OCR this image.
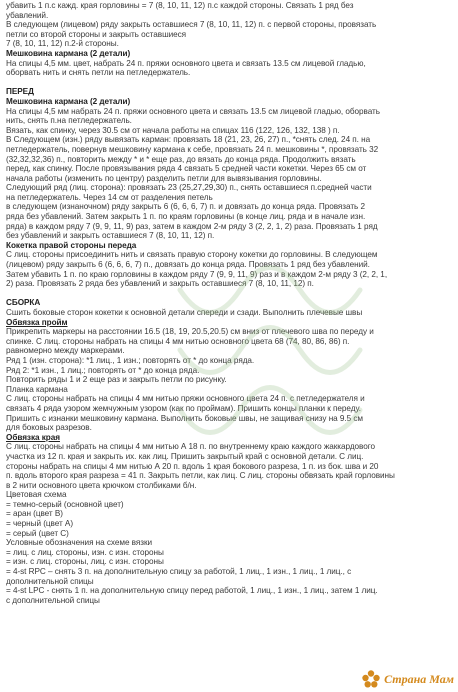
убавить 1 п.с кажд. края горловины = 7 (8, 10, 11, 12) п.с каждой стороны. Связать 1 ряд без
убавлений.
В следующем (лицевом) ряду закрыть оставшиеся 7 (8, 10, 11, 12) п. с первой стороны, провязать
петли со второй стороны и закрыть оставшиеся
7 (8, 10, 11, 12) п.2-й стороны.
Мешковина кармана (2 детали)
На спицы 4,5 мм. цвет, набрать 24 п. пряжи основного цвета и связать 13.5 см лицевой гладью,
оборвать нить и снять петли на петледержатель.
ПЕРЕД
Мешковина кармана (2 детали)
На спицы 4,5 мм набрать 24 п. пряжи основного цвета и связать 13.5 см лицевой гладью, оборвать
нить, снять п.на петледержатель.
Вязать, как спинку, через 30.5 см от начала работы на спицах 116 (122, 126, 132, 138 ) п.
В Следующем (изн.) ряду вывязать карман: провязать 18 (21, 23, 26, 27) п., *снять след. 24 п. на
петледержатель, повернув мешковину кармана к себе, провязать 24 п. мешковины *, провязать 32
(32,32,32,36) п., повторить между * и * еще раз, до вязать до конца ряда. Продолжить вязать
перед, как спинку. После провязывания ряда 4 связать 5 средней части кокетки. Через 65 см от
начала работы (изменить по центру) разделить петли для вывязывания горловины.
Следующий ряд (лиц. сторона): провязать 23 (25,27,29,30) п., снять оставшиеся п.средней части
на петледержатель. Через 14 см от разделения петель
в следующем (изнаночном) ряду закрыть 6 (6, 6, 6, 7) п. и довязать до конца ряда. Провязать 2
ряда без убавлений. Затем закрыть 1 п. по краям горловины (в конце лиц. ряда и в начале изн.
ряда) в каждом ряду 7 (9, 9, 11, 9) раз, затем в каждом 2-м ряду 3 (2, 2, 1, 2) раза. Провязать 1 ряд
без убавлений и закрыть оставшиеся 7 (8, 10, 11, 12) п.
Кокетка правой стороны переда
С лиц. стороны присоединить нить и связать правую сторону кокетки до горловины. В следующем
(лицевом) ряду закрыть 6 (6, 6, 6, 7) п., довязать до конца ряда. Провязать 1 ряд без убавлений.
Затем убавить 1 п. по краю горловины в каждом ряду 7 (9, 9, 11, 9) раз и в каждом 2-м ряду 3 (2, 2, 1,
2) раза. Провязать 2 ряда без убавлений и закрыть оставшиеся 7 (8, 10, 11, 12) п.
СБОРКА
Сшить боковые сторон кокетки к основной детали спереди и сзади. Выполнить плечевые швы
Обвязка пройм
Прикрепить маркеры на расстоянии 16.5 (18, 19, 20.5,20.5) см вниз от плечевого шва по переду и
спинке. С лиц. стороны набрать на спицы 4 мм нитью основного цвета 68 (74, 80, 86, 86) п.
равномерно между маркерами.
Ряд 1 (изн. сторона): *1 лиц., 1 изн.; повторять от * до конца ряда.
Ряд 2: *1 изн., 1 лиц.; повторять от * до конца ряда.
Повторить ряды 1 и 2 еще раз и закрыть петли по рисунку.
Планка кармана
С лиц. стороны набрать на спицы 4 мм нитью пряжи основного цвета 24 п. с петледержателя и
связать 4 ряда узором жемчужным узором (как по проймам). Пришить концы планки к переду.
Пришить с изнанки мешковину кармана. Выполнить боковые швы, не защивая снизу на 9.5 см
для боковых разрезов.
Обвязка края
С лиц. стороны набрать на спицы 4 мм нитью А 18 п. по внутреннему краю каждого жаккардового
участка из 12 п. края и закрыть их. как лиц. Пришить закрытый край с основной детали. С лиц.
стороны набрать на спицы 4 мм нитью А 20 п. вдоль 1 края бокового разреза, 1 п. из бок. шва и 20
п. вдоль второго края разреза = 41 п. Закрыть петли, как лиц. С лиц. стороны обвязать край горловины
в 2 нити основного цвета крючком столбиками б/н.
Цветовая схема
= темно-серый (основной цвет)
= аран (цвет В)
= черный (цвет А)
= серый (цвет С)
Условные обозначения на схеме вязки
= лиц. с лиц. стороны, изн. с изн. стороны
= изн. с лиц. стороны, лиц. с изн. стороны
= 4-st RPC – снять 3 п. на дополнительную спицу за работой, 1 лиц., 1 изн., 1 лиц., 1 лиц., с
дополнительной спицы
= 4-st LPC - снять 1 п. на дополнительную спицу перед работой, 1 лиц., 1 изн., 1 лиц., затем 1 лиц.
с дополнительной спицы
Страна Мам
